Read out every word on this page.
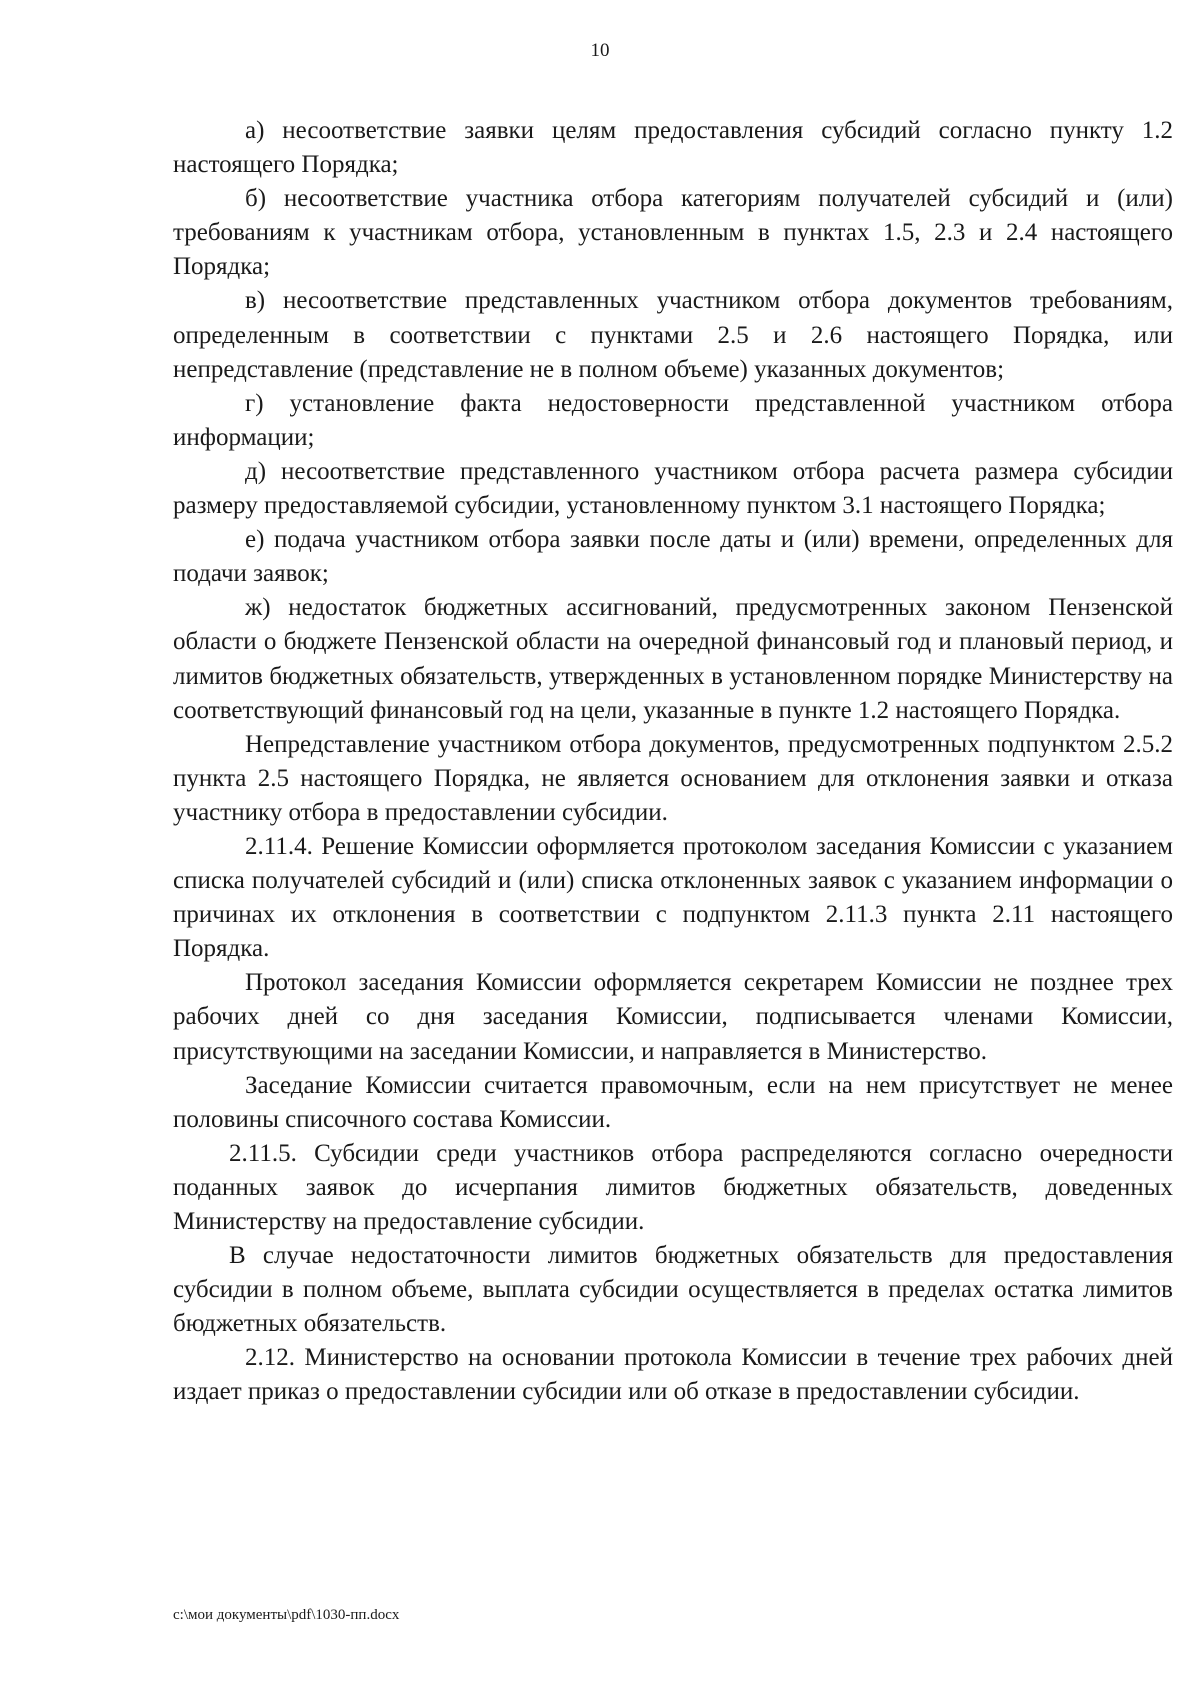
10

а) несоответствие заявки целям предоставления субсидий согласно пункту 1.2 настоящего Порядка;

б) несоответствие участника отбора категориям получателей субсидий и (или) требованиям к участникам отбора, установленным в пунктах 1.5, 2.3 и 2.4 настоящего Порядка;

в) несоответствие представленных участником отбора документов требованиям, определенным в соответствии с пунктами 2.5 и 2.6 настоящего Порядка, или непредставление (представление не в полном объеме) указанных документов;

г) установление факта недостоверности представленной участником отбора информации;

д) несоответствие представленного участником отбора расчета размера субсидии размеру предоставляемой субсидии, установленному пунктом 3.1 настоящего Порядка;

е) подача участником отбора заявки после даты и (или) времени, определенных для подачи заявок;

ж) недостаток бюджетных ассигнований, предусмотренных законом Пензенской области о бюджете Пензенской области на очередной финансовый год и плановый период, и лимитов бюджетных обязательств, утвержденных в установленном порядке Министерству на соответствующий финансовый год на цели, указанные в пункте 1.2 настоящего Порядка.

Непредставление участником отбора документов, предусмотренных подпунктом 2.5.2 пункта 2.5 настоящего Порядка, не является основанием для отклонения заявки и отказа участнику отбора в предоставлении субсидии.

2.11.4. Решение Комиссии оформляется протоколом заседания Комиссии с указанием списка получателей субсидий и (или) списка отклоненных заявок с указанием информации о причинах их отклонения в соответствии с подпунктом 2.11.3 пункта 2.11 настоящего Порядка.

Протокол заседания Комиссии оформляется секретарем Комиссии не позднее трех рабочих дней со дня заседания Комиссии, подписывается членами Комиссии, присутствующими на заседании Комиссии, и направляется в Министерство.

Заседание Комиссии считается правомочным, если на нем присутствует не менее половины списочного состава Комиссии.

2.11.5. Субсидии среди участников отбора распределяются согласно очередности поданных заявок до исчерпания лимитов бюджетных обязательств, доведенных Министерству на предоставление субсидии.

В случае недостаточности лимитов бюджетных обязательств для предоставления субсидии в полном объеме, выплата субсидии осуществляется в пределах остатка лимитов бюджетных обязательств.

2.12. Министерство на основании протокола Комиссии в течение трех рабочих дней издает приказ о предоставлении субсидии или об отказе в предоставлении субсидии.

c:\мои документы\pdf\1030-пп.docx
